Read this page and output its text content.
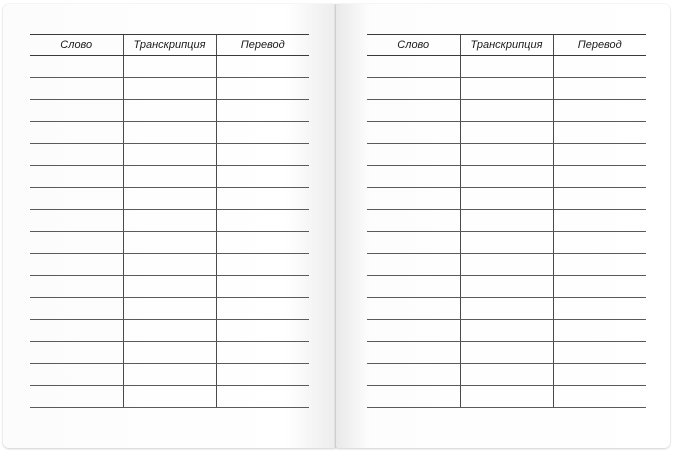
Слово	Транскрипция	Перевод

			Слово	Транскрипция	Перевод
